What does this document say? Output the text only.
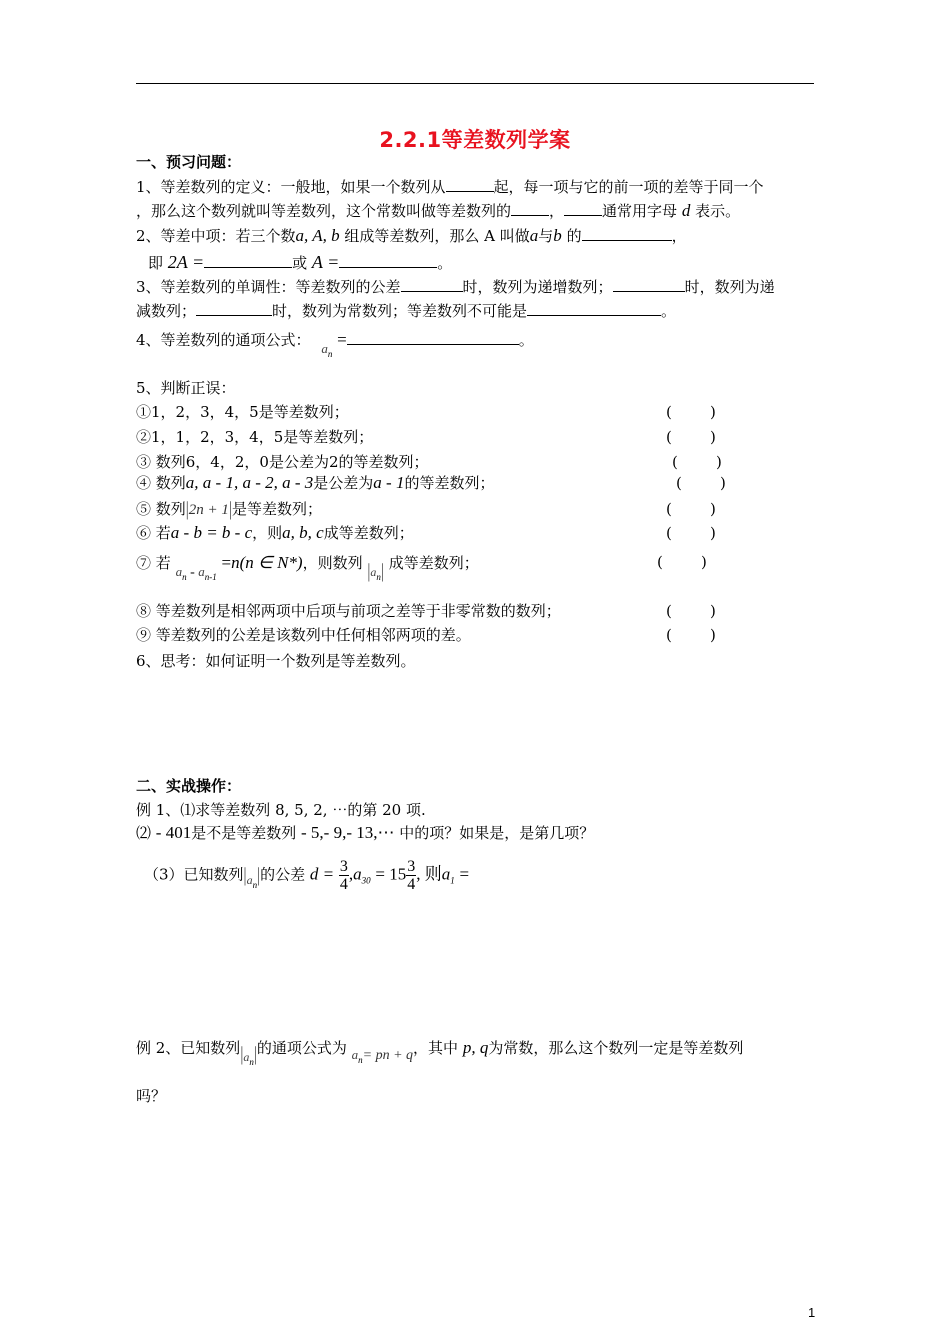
2.2.1等差数列学案
一、预习问题：
1、等差数列的定义：一般地，如果一个数列从	起，每一项与它的前一项的差等于同一个
，那么这个数列就叫等差数列，这个常数叫做等差数列的	，	通常用字母 d 表示。
2、等差中项：若三个数a, A, b 组成等差数列，那么 A 叫做a与b 的	，
即 2A =	或 A =	。
3、等差数列的单调性：等差数列的公差	时，数列为递增数列；	时，数列为递
减数列；	时，数列为常数列；等差数列不可能是	。
4、等差数列的通项公式： $a_n$ =	。
5、判断正误：
①1，2，3，4，5是等差数列；	(        )
②1，1，2，3，4，5是等差数列；	(        )
③ 数列6，4，2，0是公差为2的等差数列；	(        )
④ 数列a, a - 1, a - 2, a - 3是公差为a - 1的等差数列；	(        )
⑤ 数列|2n + 1|是等差数列；	(        )
⑥ 若a - b = b - c，则a, b, c成等差数列；	(        )
⑦ 若 $a_n - a_{n-1} =n(n$ ∈ N*)，则数列 $|a_n|$ 成等差数列；	(        )
⑧ 等差数列是相邻两项中后项与前项之差等于非零常数的数列；	(        )
⑨ 等差数列的公差是该数列中任何相邻两项的差。	(        )
6、思考：如何证明一个数列是等差数列。
二、实战操作：
例 1、⑴求等差数列 8, 5, 2, ⋯的第 20 项.
⑵ - 401是不是等差数列 - 5,- 9,- 13,⋯ 中的项？如果是，是第几项？
（3）已知数列$|a_n|$的公差 $d = \frac{3}{4} ,a_{30} = 15 \frac{3}{4}$ , 则$a_1$ =
例 2、已知数列$|a_n|$的通项公式为 $a_n=$ pn + q，其中 p, q为常数，那么这个数列一定是等差数列
吗？
1
